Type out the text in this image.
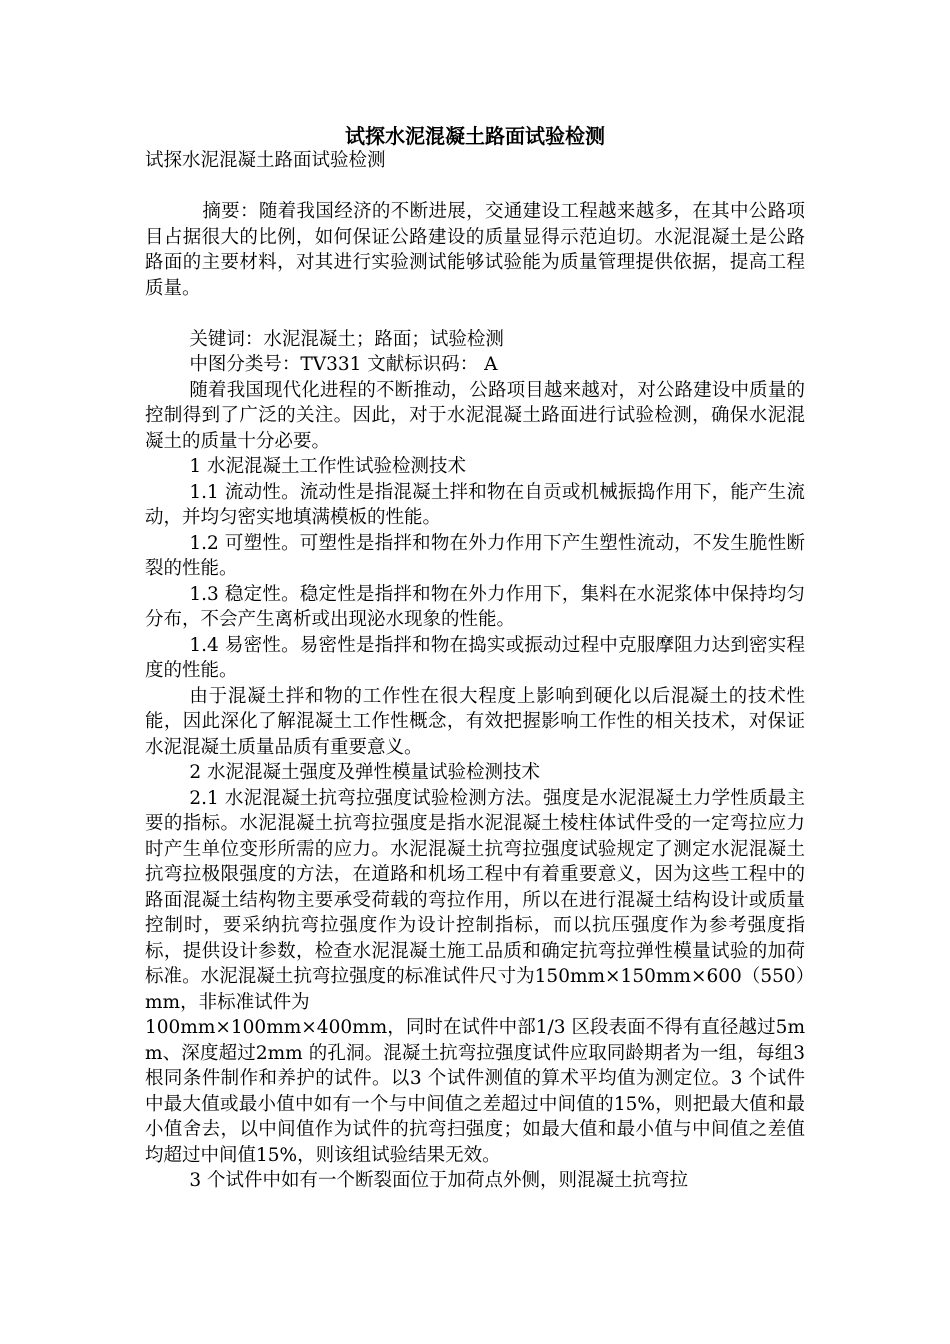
试探水泥混凝土路面试验检测

试探水泥混凝土路面试验检测

摘要：随着我国经济的不断进展，交通建设工程越来越多，在其中公路项目占据很大的比例，如何保证公路建设的质量显得示范迫切。水泥混凝土是公路路面的主要材料，对其进行实验测试能够试验能为质量管理提供依据，提高工程质量。

关键词：水泥混凝土；路面；试验检测

中图分类号：TV331 文献标识码： A

随着我国现代化进程的不断推动，公路项目越来越对，对公路建设中质量的控制得到了广泛的关注。因此，对于水泥混凝土路面进行试验检测，确保水泥混凝土的质量十分必要。

1 水泥混凝土工作性试验检测技术

1.1 流动性。流动性是指混凝土拌和物在自贡或机械振捣作用下，能产生流动，并均匀密实地填满模板的性能。

1.2 可塑性。可塑性是指拌和物在外力作用下产生塑性流动，不发生脆性断裂的性能。

1.3 稳定性。稳定性是指拌和物在外力作用下，集料在水泥浆体中保持均匀分布，不会产生离析或出现泌水现象的性能。

1.4 易密性。易密性是指拌和物在捣实或振动过程中克服摩阻力达到密实程度的性能。

由于混凝土拌和物的工作性在很大程度上影响到硬化以后混凝土的技术性能，因此深化了解混凝土工作性概念，有效把握影响工作性的相关技术，对保证水泥混凝土质量品质有重要意义。

2 水泥混凝土强度及弹性模量试验检测技术

2.1 水泥混凝土抗弯拉强度试验检测方法。强度是水泥混凝土力学性质最主要的指标。水泥混凝土抗弯拉强度是指水泥混凝土棱柱体试件受的一定弯拉应力时产生单位变形所需的应力。水泥混凝土抗弯拉强度试验规定了测定水泥混凝土抗弯拉极限强度的方法，在道路和机场工程中有着重要意义，因为这些工程中的路面混凝土结构物主要承受荷载的弯拉作用，所以在进行混凝土结构设计或质量控制时，要采纳抗弯拉强度作为设计控制指标，而以抗压强度作为参考强度指标，提供设计参数，检查水泥混凝土施工品质和确定抗弯拉弹性模量试验的加荷标准。水泥混凝土抗弯拉强度的标准试件尺寸为150mm×150mm×600（550）mm，非标准试件为

100mm×100mm×400mm，同时在试件中部1/3 区段表面不得有直径越过5mm、深度超过2mm 的孔洞。混凝土抗弯拉强度试件应取同龄期者为一组，每组3 根同条件制作和养护的试件。以3 个试件测值的算术平均值为测定位。3 个试件中最大值或最小值中如有一个与中间值之差超过中间值的15%，则把最大值和最小值舍去，以中间值作为试件的抗弯扫强度；如最大值和最小值与中间值之差值均超过中间值15%，则该组试验结果无效。

3 个试件中如有一个断裂面位于加荷点外侧，则混凝土抗弯拉
